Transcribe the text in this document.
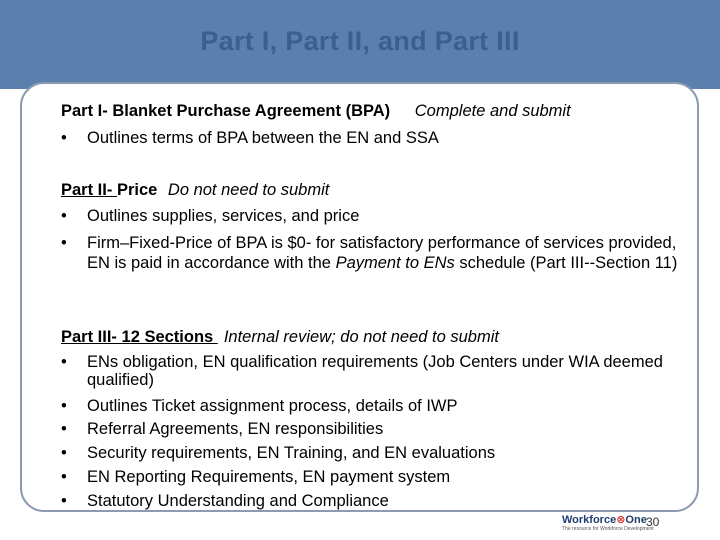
Part I, Part II, and Part III
Part I- Blanket Purchase Agreement (BPA) Complete and submit
• Outlines terms of BPA between the EN and SSA
Part II- Price Do not need to submit
• Outlines supplies, services, and price
• Firm–Fixed-Price of BPA is $0- for satisfactory performance of services provided, EN is paid in accordance with the Payment to ENs schedule (Part III--Section 11)
Part III- 12 Sections Internal review; do not need to submit
• ENs obligation, EN qualification requirements (Job Centers under WIA deemed qualified)
• Outlines Ticket assignment process, details of IWP
• Referral Agreements, EN responsibilities
• Security requirements, EN Training, and EN evaluations
• EN Reporting Requirements, EN payment system
• Statutory Understanding and Compliance
Workforce⊗One
The resource for Workforce Development
30
